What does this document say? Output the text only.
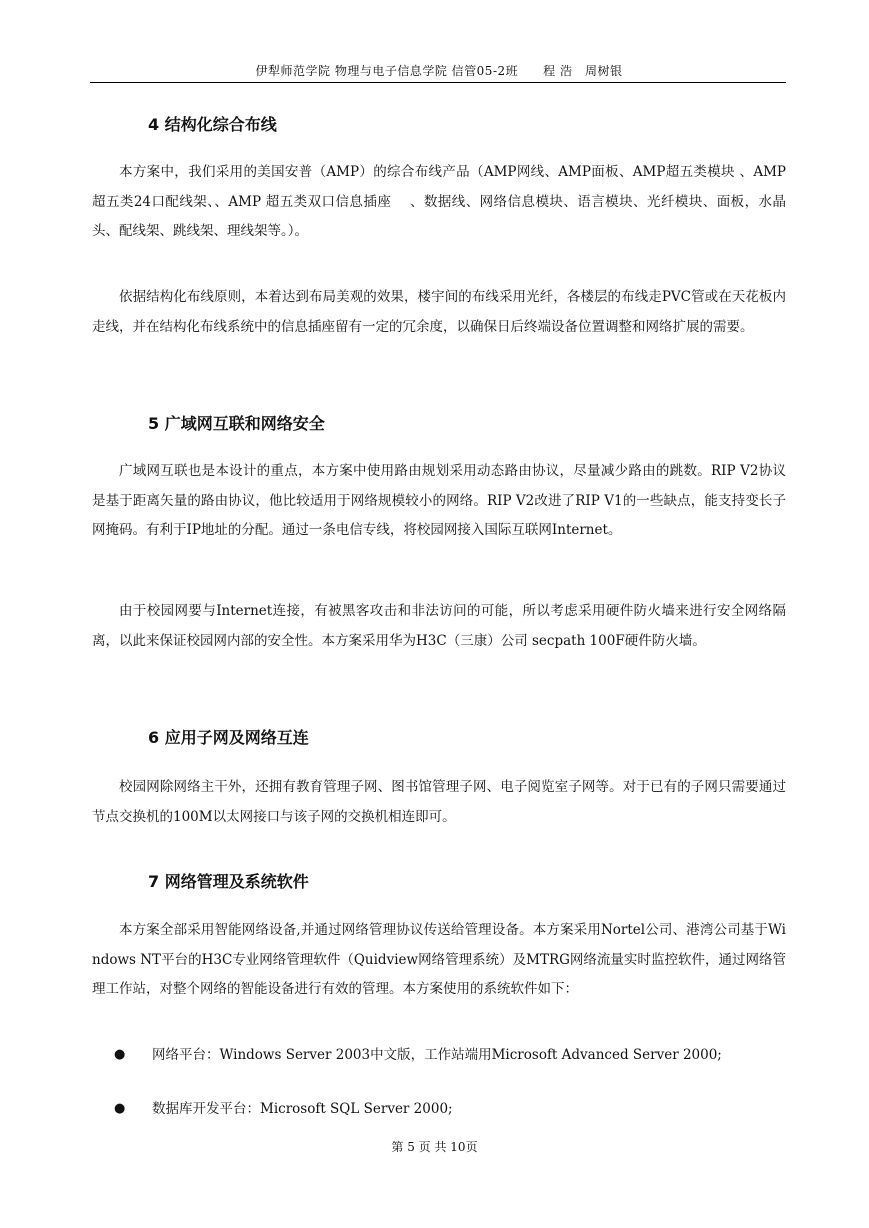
伊犁师范学院 物理与电子信息学院 信管05-2班　　程 浩　周树银
4 结构化综合布线
本方案中，我们采用的美国安普（AMP）的综合布线产品（AMP网线、AMP面板、AMP超五类模块 、AMP超五类24口配线架、、AMP 超五类双口信息插座　 、数据线、网络信息模块、语言模块、光纤模块、面板，水晶头、配线架、跳线架、理线架等。）。
依据结构化布线原则，本着达到布局美观的效果，楼宇间的布线采用光纤，各楼层的布线走PVC管或在天花板内走线，并在结构化布线系统中的信息插座留有一定的冗余度，以确保日后终端设备位置调整和网络扩展的需要。
5 广域网互联和网络安全
广域网互联也是本设计的重点，本方案中使用路由规划采用动态路由协议，尽量减少路由的跳数。RIP V2协议是基于距离矢量的路由协议，他比较适用于网络规模较小的网络。RIP V2改进了RIP V1的一些缺点，能支持变长子网掩码。有利于IP地址的分配。通过一条电信专线，将校园网接入国际互联网Internet。
由于校园网要与Internet连接，有被黑客攻击和非法访问的可能，所以考虑采用硬件防火墙来进行安全网络隔离，以此来保证校园网内部的安全性。本方案采用华为H3C（三康）公司 secpath 100F硬件防火墙。
6 应用子网及网络互连
校园网除网络主干外，还拥有教育管理子网、图书馆管理子网、电子阅览室子网等。对于已有的子网只需要通过节点交换机的100M以太网接口与该子网的交换机相连即可。
7 网络管理及系统软件
本方案全部采用智能网络设备,并通过网络管理协议传送给管理设备。本方案采用Nortel公司、港湾公司基于Windows NT平台的H3C专业网络管理软件（Quidview网络管理系统）及MTRG网络流量实时监控软件，通过网络管理工作站，对整个网络的智能设备进行有效的管理。本方案使用的系统软件如下：
● 网络平台：Windows Server 2003中文版，工作站端用Microsoft Advanced Server 2000;
● 数据库开发平台：Microsoft SQL Server 2000;
第 5 页 共 10页
